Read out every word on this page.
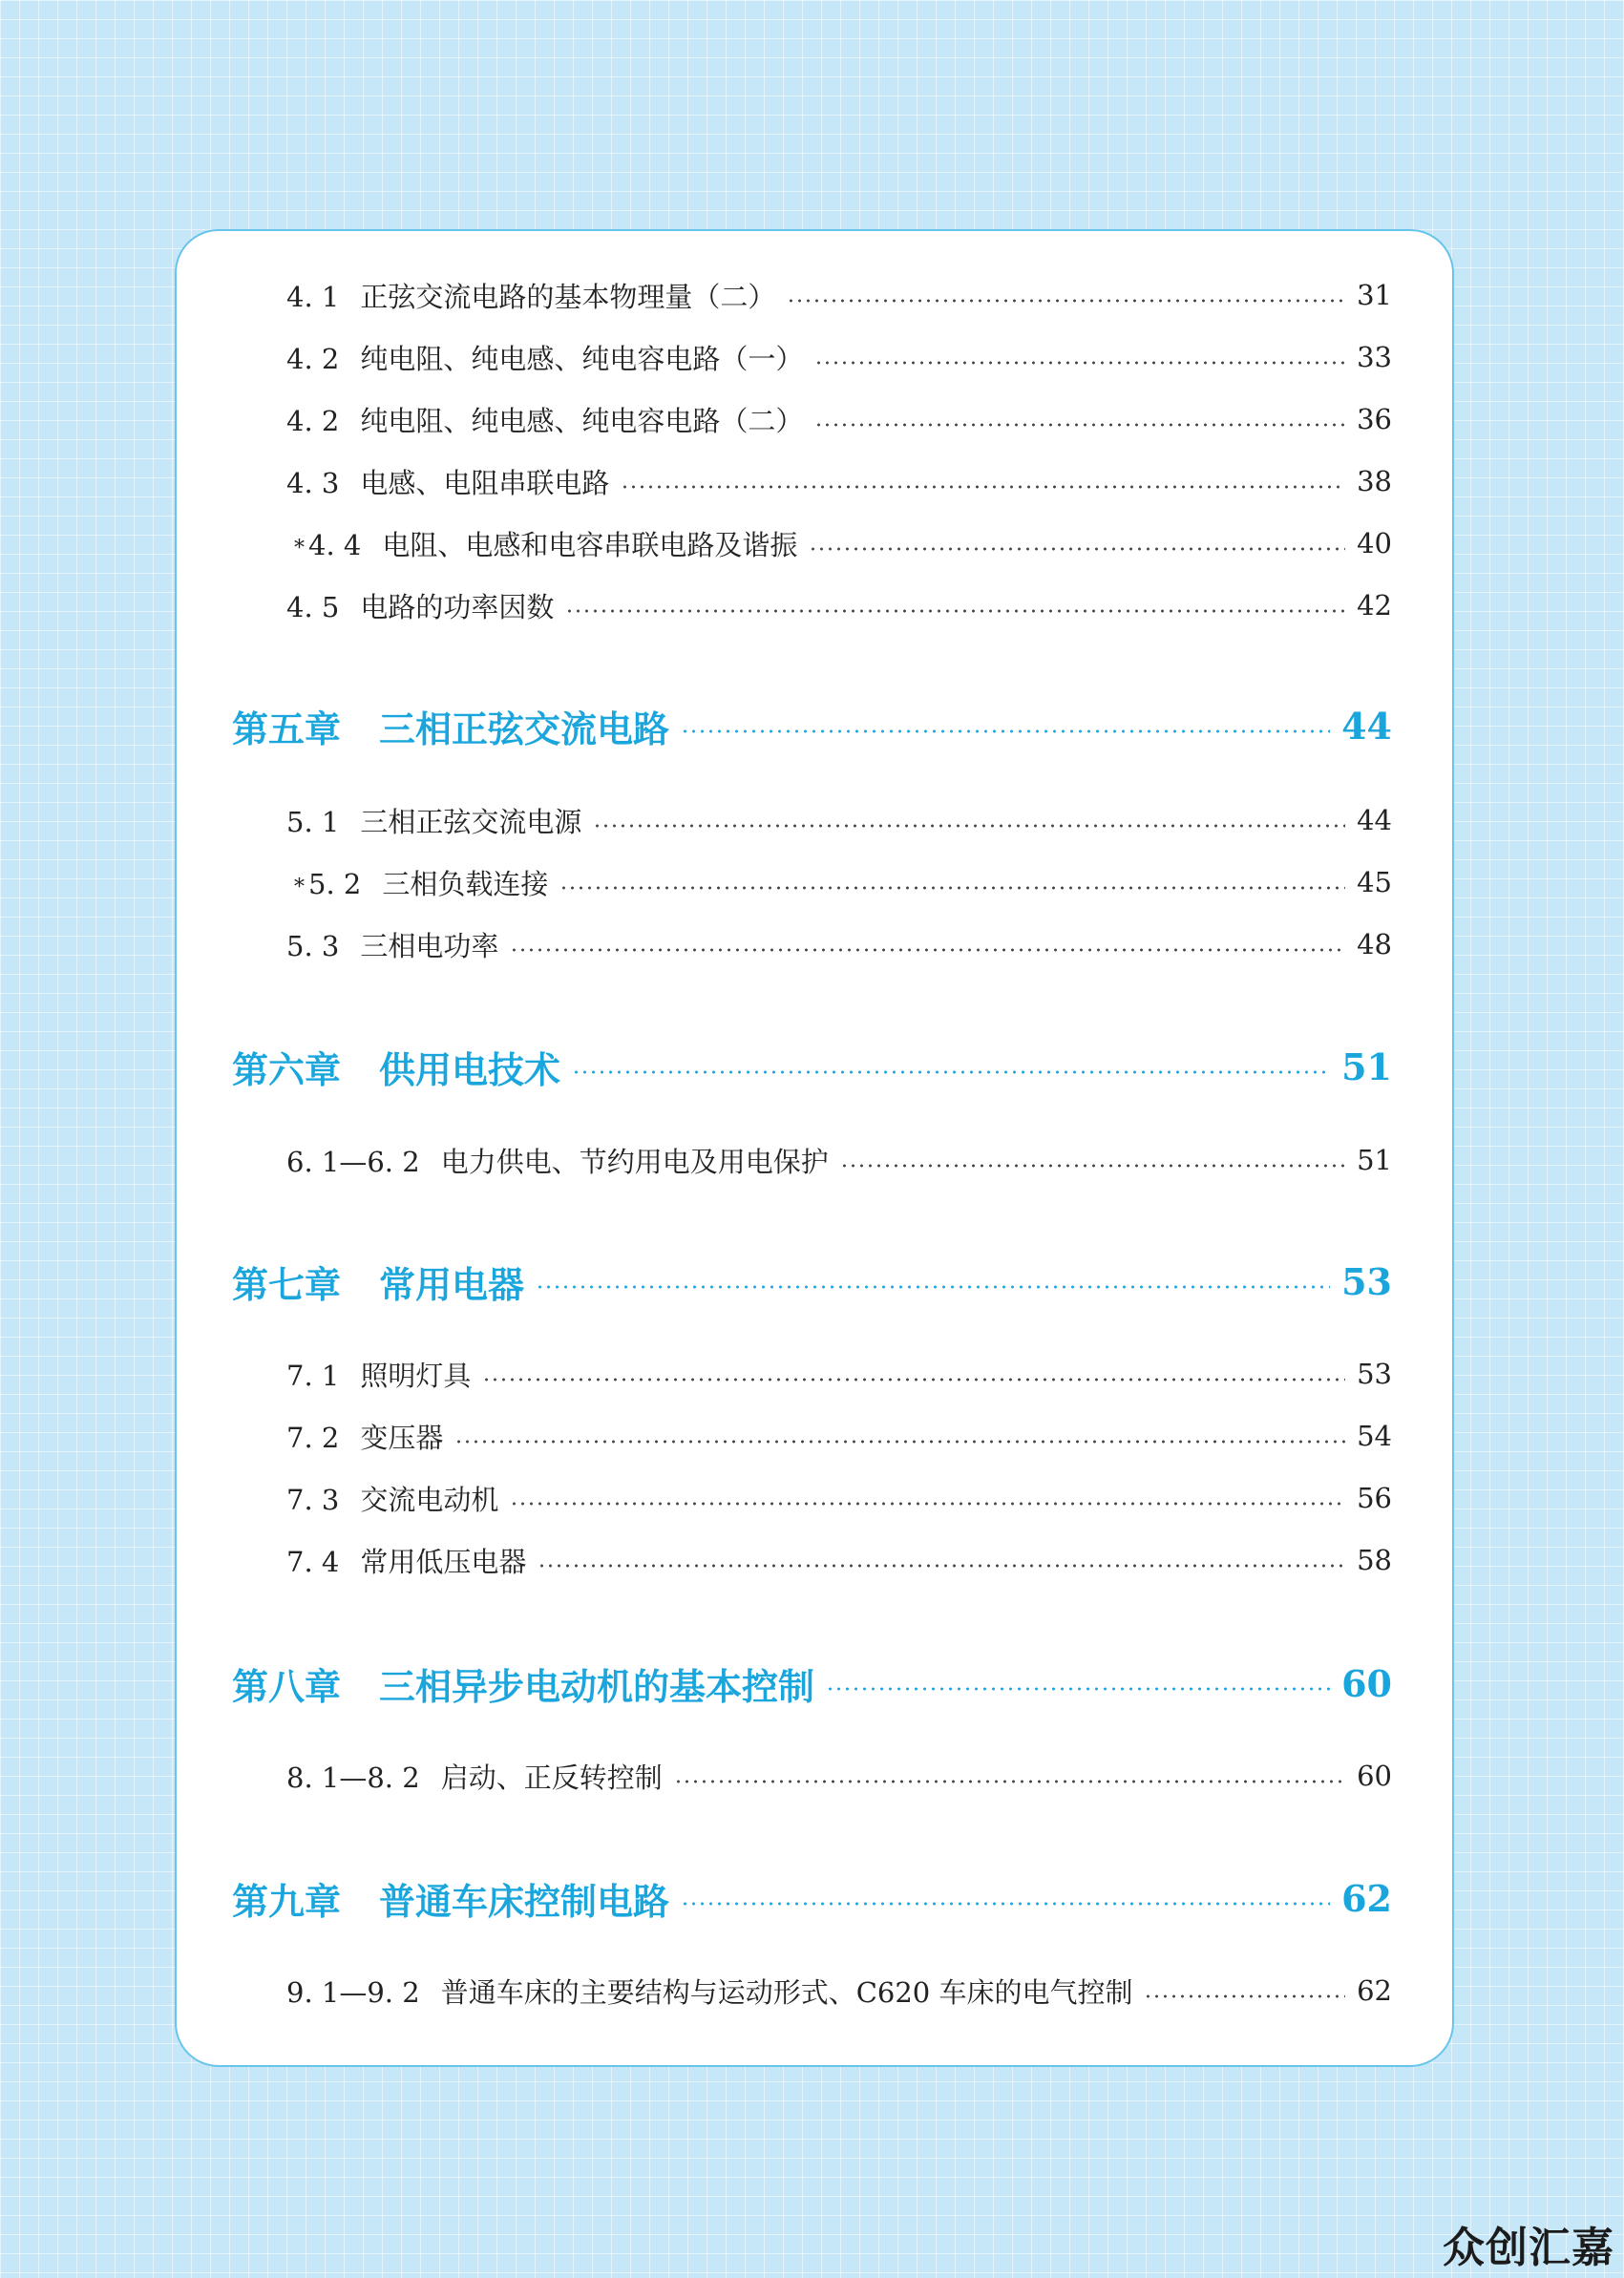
4. 1 正弦交流电路的基本物理量（二）	31
4. 2 纯电阻、纯电感、纯电容电路（一）	33
4. 2 纯电阻、纯电感、纯电容电路（二）	36
4. 3 电感、电阻串联电路	38
* 4. 4 电阻、电感和电容串联电路及谐振	40
4. 5 电路的功率因数	42
第五章 三相正弦交流电路	44
5. 1 三相正弦交流电源	44
* 5. 2 三相负载连接	45
5. 3 三相电功率	48
第六章 供用电技术	51
6. 1—6. 2 电力供电、节约用电及用电保护	51
第七章 常用电器	53
7. 1 照明灯具	53
7. 2 变压器	54
7. 3 交流电动机	56
7. 4 常用低压电器	58
第八章 三相异步电动机的基本控制	60
8. 1—8. 2 启动、正反转控制	60
第九章 普通车床控制电路	62
9. 1—9. 2 普通车床的主要结构与运动形式、C620 车床的电气控制	62
众创汇嘉
